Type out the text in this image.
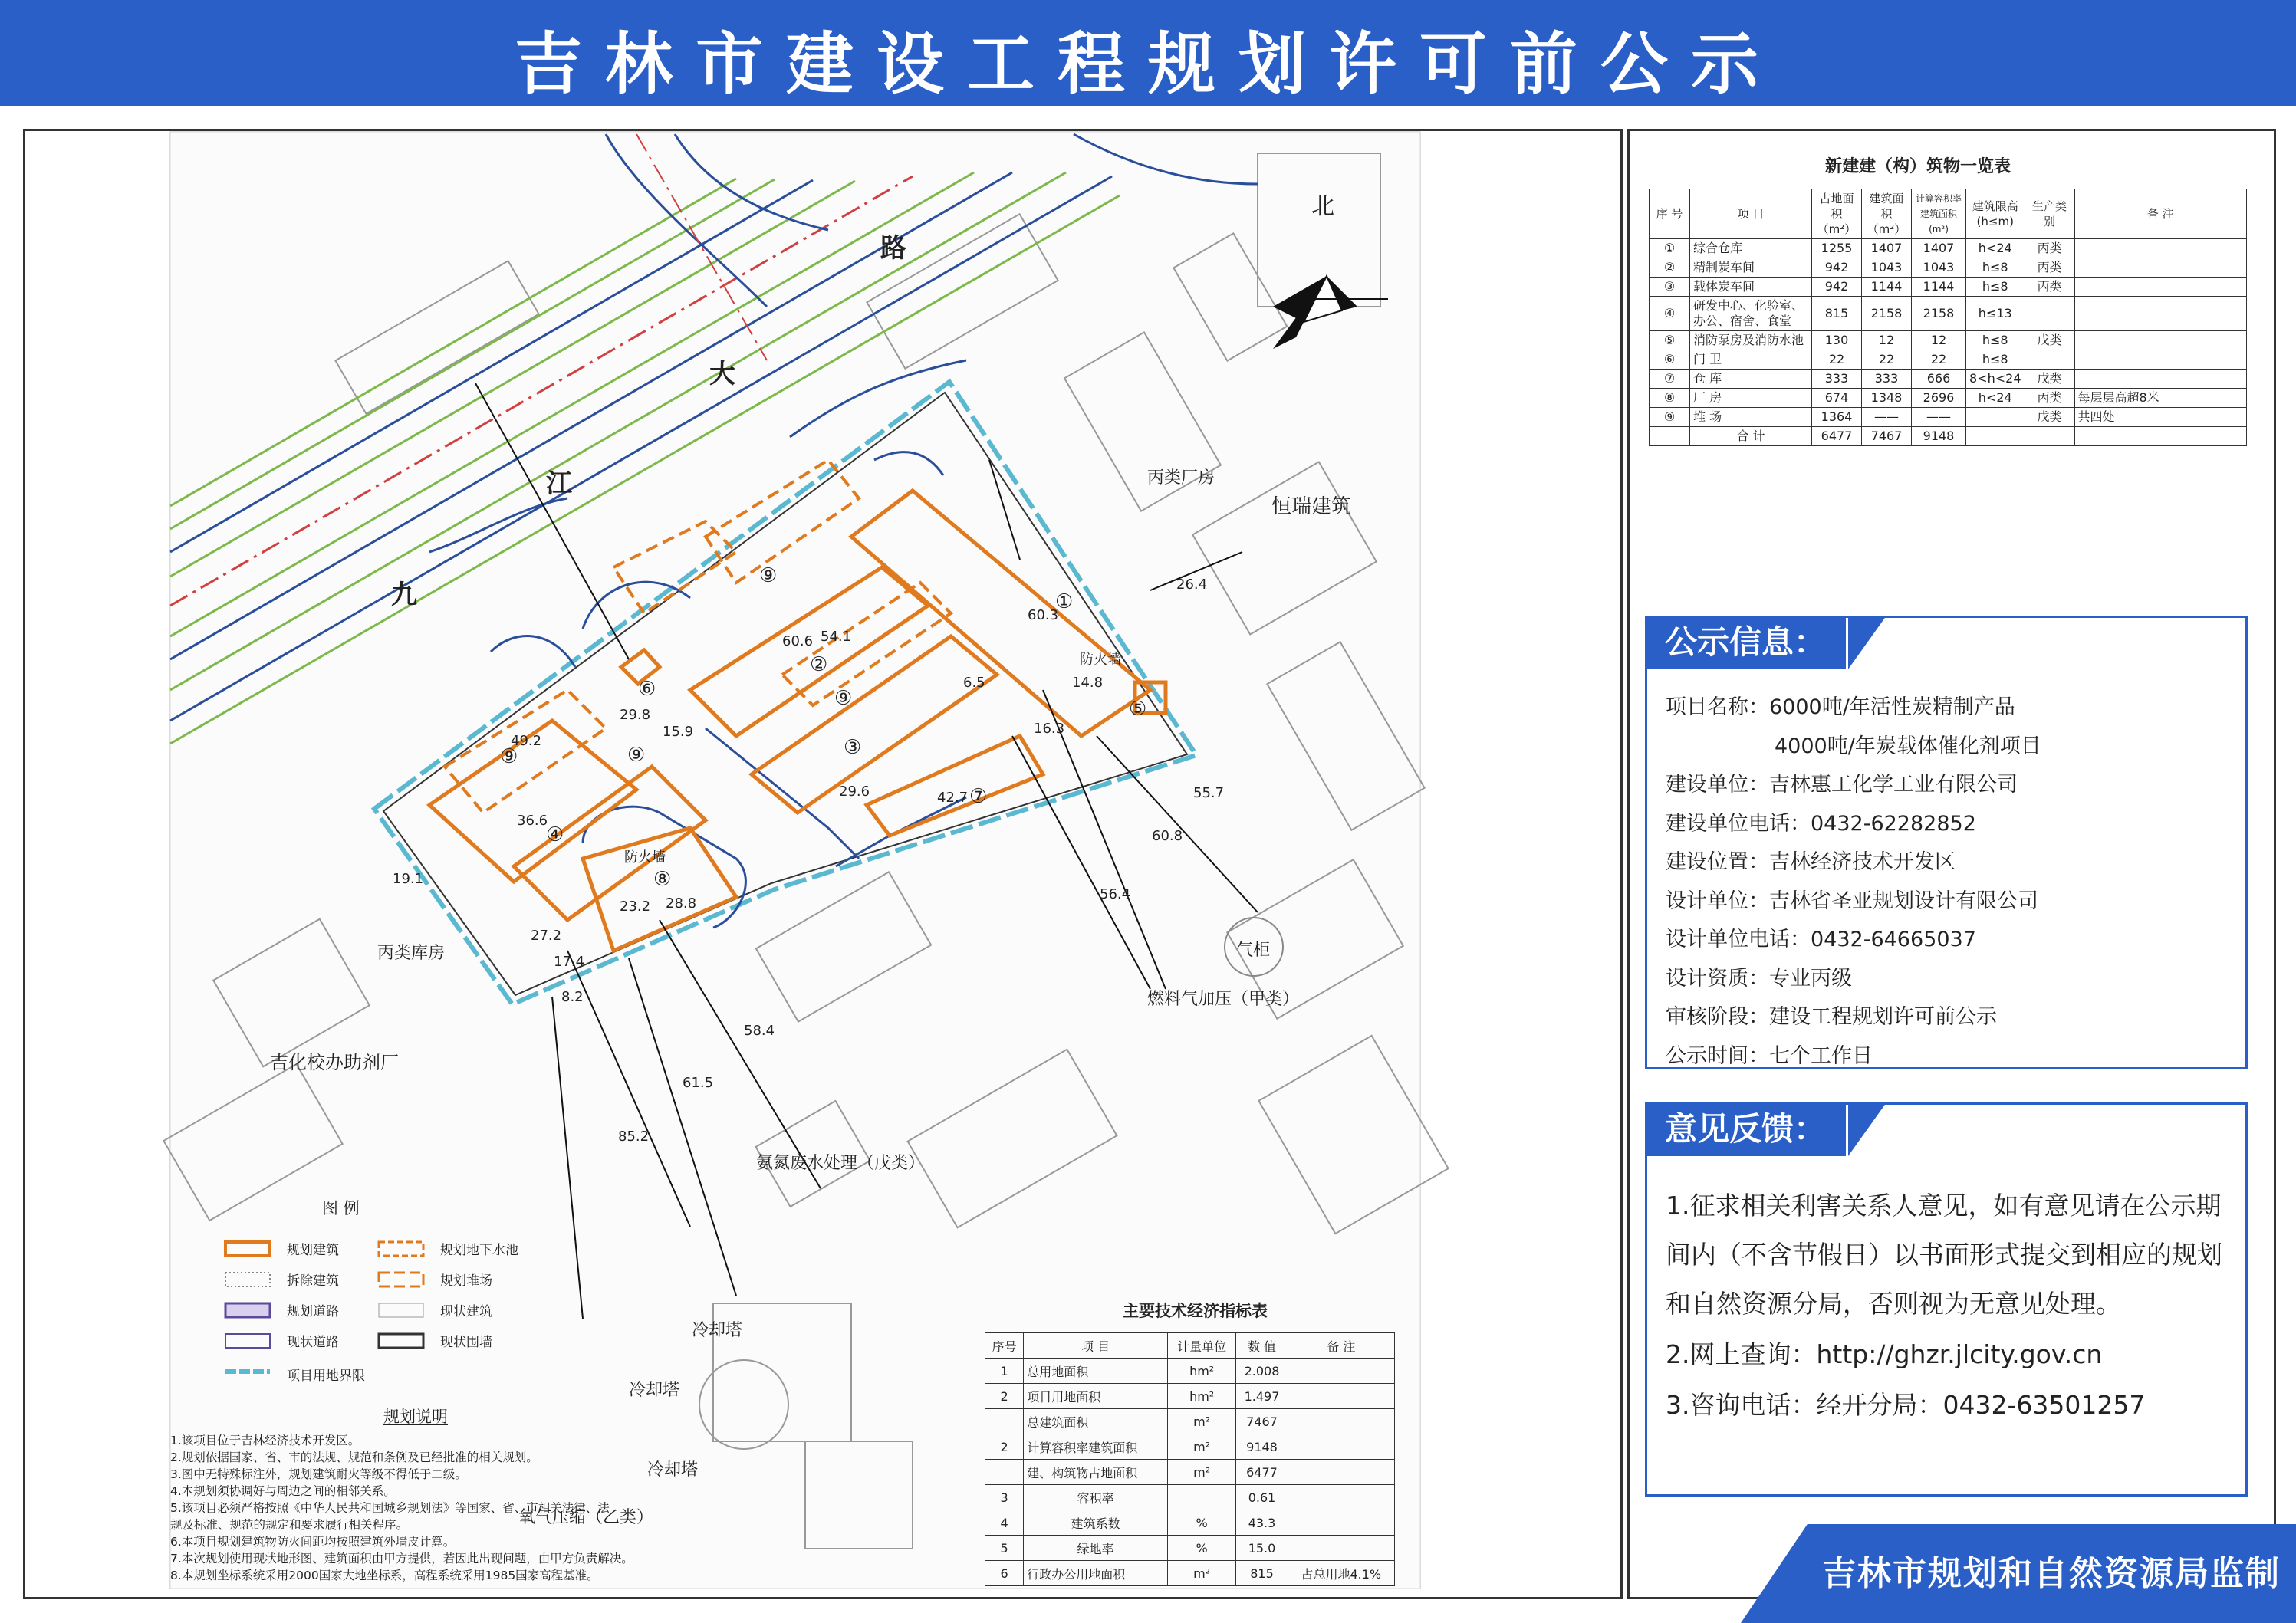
吉林市建设工程规划许可前公示
路
大
江
九
北
恒瑞建筑
丙类厂房
丙类库房
吉化校办助剂厂
气柜
燃料气加压（甲类）
氨氮废水处理（戊类）
冷却塔
冷却塔
冷却塔
氧气压缩（乙类）
防火墙
防火墙
①
②
③
④
⑤
⑥
⑦
⑧
⑨
⑨
⑨	⑨
26.4
60.3
60.6 54.1
49.2
36.6
29.8
29.6	42.7	55.7
60.8
56.4
58.4
61.5
85.2
28.8
23.2
17.4
15.9
19.1
14.8
16.3
27.2
6.5
8.2
图 例
规划建筑	规划地下水池
拆除建筑	规划堆场
规划道路	现状建筑
现状道路	现状围墙
项目用地界限
规划说明
1.该项目位于吉林经济技术开发区。
2.规划依据国家、省、市的法规、规范和条例及已经批准的相关规划。
3.图中无特殊标注外，规划建筑耐火等级不得低于二级。
4.本规划须协调好与周边之间的相邻关系。
5.该项目必须严格按照《中华人民共和国城乡规划法》等国家、省、市相关法律、法
规及标准、规范的规定和要求履行相关程序。
6.本项目规划建筑物防火间距均按照建筑外墙皮计算。
7.本次规划使用现状地形图、建筑面积由甲方提供，若因此出现问题，由甲方负责解决。
8.本规划坐标系统采用2000国家大地坐标系，高程系统采用1985国家高程基准。
主要技术经济指标表
序号	项 目	计量单位	数 值	备 注
1	总用地面积	hm²	2.008	
2	项目用地面积	hm²	1.497	
	总建筑面积	m²	7467	
2	计算容积率建筑面积	m²	9148	
	建、构筑物占地面积	m²	6477	
3	容积率		0.61	
4	建筑系数	%	43.3	
5	绿地率	%	15.0	
6	行政办公用地面积	m²	815	占总用地4.1%
新建建（构）筑物一览表
序 号	项 目	占地面积（m²）	建筑面积（m²）	计算容积率建筑面积(m²)	建筑限高(h≤m)	生产类别	备 注
①	综合仓库	1255	1407	1407	h<24	丙类	
②	精制炭车间	942	1043	1043	h≤8	丙类	
③	载体炭车间	942	1144	1144	h≤8	丙类	
④	研发中心、化验室、办公、宿舍、食堂	815	2158	2158	h≤13		
⑤	消防泵房及消防水池	130	12	12	h≤8	戊类	
⑥	门 卫	22	22	22	h≤8		
⑦	仓 库	333	333	666	8<h<24	戊类	
⑧	厂 房	674	1348	2696	h<24	丙类	每层层高超8米
⑨	堆 场	1364	——	——		戊类	共四处
	合 计	6477	7467	9148			
公示信息：
项目名称：6000吨/年活性炭精制产品
4000吨/年炭载体催化剂项目
建设单位：吉林惠工化学工业有限公司
建设单位电话：0432-62282852
建设位置：吉林经济技术开发区
设计单位：吉林省圣亚规划设计有限公司
设计单位电话：0432-64665037
设计资质：专业丙级
审核阶段：建设工程规划许可前公示
公示时间：七个工作日
意见反馈：
1.征求相关利害关系人意见，如有意见请在公示期间内（不含节假日）以书面形式提交到相应的规划和自然资源分局，否则视为无意见处理。
2.网上查询：http://ghzr.jlcity.gov.cn
3.咨询电话：经开分局：0432-63501257
吉林市规划和自然资源局监制
